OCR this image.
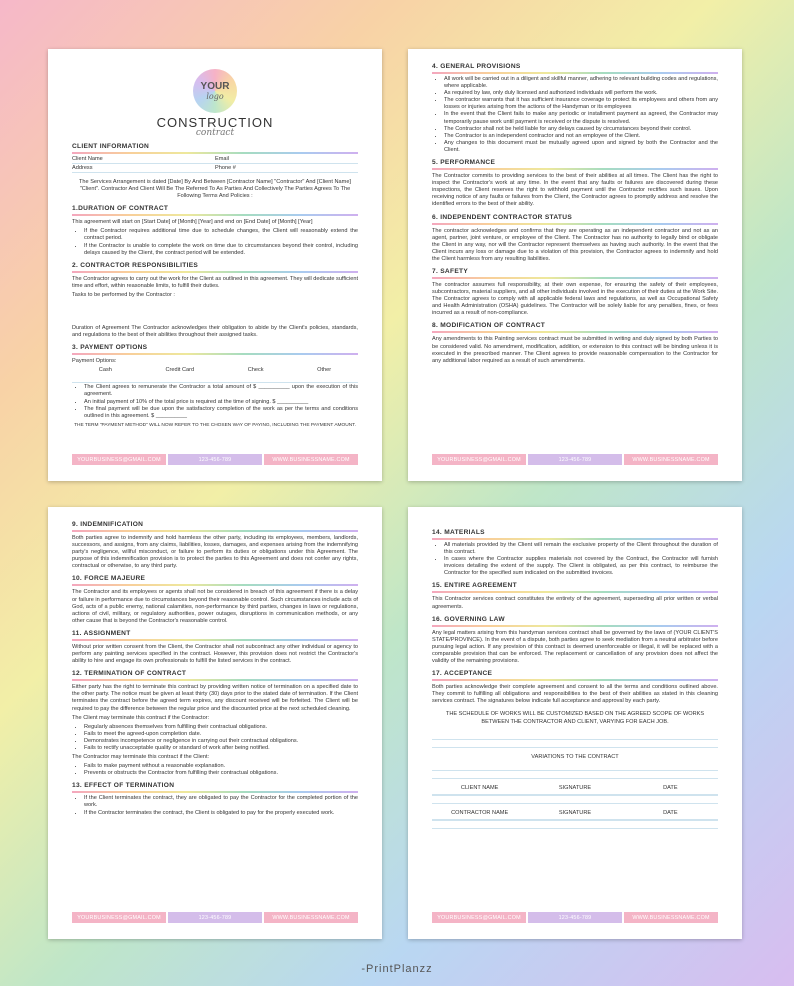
YOUR
logo
CONSTRUCTION
contract
CLIENT INFORMATION
Client Name	Email
Address	Phone #
The Services Arrangement is dated [Date] By And Between [Contractor Name] "Contractor" And [Client Name] "Client". Contractor And Client Will Be The Referred To As Parties And Collectively The Parties Agrees To The Following Terms And Policies :
1.DURATION OF CONTRACT
This agreement will start on [Start Date] of [Month] [Year] and end on [End Date] of [Month] [Year]
• If the Contractor requires additional time due to schedule changes, the Client will reasonably extend the contract period.
• If the Contractor is unable to complete the work on time due to circumstances beyond their control, including delays caused by the Client, the contract period will be extended.
2. CONTRACTOR RESPONSIBILITIES
The Contractor agrees to carry out the work for the Client as outlined in this agreement. They will dedicate sufficient time and effort, within reasonable limits, to fulfill their duties.
Tasks to be performed by the Contractor :
Duration of Agreement The Contractor acknowledges their obligation to abide by the Client's policies, standards, and regulations to the best of their abilities throughout their assigned tasks.
3. PAYMENT OPTIONS
Payment Options:
Cash	Credit Card	Check	Other
• The Client agrees to remunerate the Contractor a total amount of $ __________ upon the execution of this agreement.
• An initial payment of 10% of the total price is required at the time of signing. $ __________
• The final payment will be due upon the satisfactory completion of the work as per the terms and conditions outlined in this agreement. $ __________
THE TERM "PAYMENT METHOD" WILL NOW REFER TO THE CHOSEN WAY OF PAYING, INCLUDING THE PAYMENT AMOUNT.
YOURBUSINESS@GMAIL.COM	123-456-789	WWW.BUSINESSNAME.COM
4. GENERAL PROVISIONS
• All work will be carried out in a diligent and skillful manner, adhering to relevant building codes and regulations, where applicable.
• As required by law, only duly licensed and authorized individuals will perform the work.
• The contractor warrants that it has sufficient insurance coverage to protect its employees and others from any losses or injuries arising from the actions of the Handyman or its employees
• In the event that the Client fails to make any periodic or installment payment as agreed, the Contractor may temporarily pause work until payment is received or the dispute is resolved.
• The Contractor shall not be held liable for any delays caused by circumstances beyond their control.
• The Contractor is an independent contractor and not an employee of the Client.
• Any changes to this document must be mutually agreed upon and signed by both the Contractor and the Client.
5. PERFORMANCE
The Contractor commits to providing services to the best of their abilities at all times. The Client has the right to inspect the Contractor's work at any time. In the event that any faults or failures are discovered during these inspections, the Client reserves the right to withhold payment until the Contractor rectifies such issues. Upon receiving notice of any faults or failures from the Client, the Contractor agrees to promptly address and resolve the identified errors to the best of their ability.
6. INDEPENDENT CONTRACTOR STATUS
The contractor acknowledges and confirms that they are operating as an independent contractor and not as an agent, partner, joint venture, or employee of the Client. The Contractor has no authority to legally bind or obligate the Client in any way, nor will the Contractor represent themselves as having such authority. In the event that the Client incurs any loss or damage due to a violation of this provision, the Contractor agrees to indemnify and hold the Client harmless from any resulting liabilities.
7. SAFETY
The contractor assumes full responsibility, at their own expense, for ensuring the safety of their employees, subcontractors, material suppliers, and all other individuals involved in the execution of their duties at the Work Site. The Contractor agrees to comply with all applicable federal laws and regulations, as well as Occupational Safety and Health Administration (OSHA) guidelines. The Contractor will be solely liable for any penalties, fines, or fees incurred as a result of non-compliance.
8. MODIFICATION OF CONTRACT
Any amendments to this Painting services contract must be submitted in writing and duly signed by both Parties to be considered valid. No amendment, modification, addition, or extension to this contract will be binding unless it is executed in the prescribed manner. The Client agrees to provide reasonable compensation to the Contractor for any additional labor required as a result of such amendments.
YOURBUSINESS@GMAIL.COM	123-456-789	WWW.BUSINESSNAME.COM
9. INDEMNIFICATION
Both parties agree to indemnify and hold harmless the other party, including its employees, members, landlords, successors, and assigns, from any claims, liabilities, losses, damages, and expenses arising from the indemnifying party's negligence, willful misconduct, or failure to perform its duties or obligations under this Agreement. The purpose of this indemnification provision is to protect the parties to this Agreement and does not confer any rights, contractual or otherwise, to any third party.
10. FORCE MAJEURE
The Contractor and its employees or agents shall not be considered in breach of this agreement if there is a delay or failure in performance due to circumstances beyond their reasonable control. Such circumstances include acts of God, acts of a public enemy, national calamities, non-performance by third parties, changes in laws or regulations, actions of civil, military, or regulatory authorities, power outages, disruptions in communication methods, or any other cause that is beyond the Contractor's reasonable control.
11. ASSIGNMENT
Without prior written consent from the Client, the Contractor shall not subcontract any other individual or agency to perform any painting services specified in the contract. However, this provision does not restrict the Contractor's ability to hire and engage its own professionals to fulfill the listed services in the contract.
12. TERMINATION OF CONTRACT
Either party has the right to terminate this contract by providing written notice of termination on a specified date to the other party. The notice must be given at least thirty (30) days prior to the stated date of termination. If the Client terminates the contract before the agreed term expires, any discount received will be forfeited. The Client will be required to pay the difference between the regular price and the discounted price at the next scheduled cleaning.
The Client may terminate this contract if the Contractor:
• Regularly absences themselves from fulfilling their contractual obligations.
• Fails to meet the agreed-upon completion date.
• Demonstrates incompetence or negligence in carrying out their contractual obligations.
• Fails to rectify unacceptable quality or standard of work after being notified.
The Contractor may terminate this contract if the Client:
• Fails to make payment without a reasonable explanation.
• Prevents or obstructs the Contractor from fulfilling their contractual obligations.
13. EFFECT OF TERMINATION
• If the Client terminates the contract, they are obligated to pay the Contractor for the completed portion of the work.
• If the Contractor terminates the contract, the Client is obligated to pay for the properly executed work.
YOURBUSINESS@GMAIL.COM	123-456-789	WWW.BUSINESSNAME.COM
14. MATERIALS
• All materials provided by the Client will remain the exclusive property of the Client throughout the duration of this contract.
• In cases where the Contractor supplies materials not covered by the Contract, the Contractor will furnish invoices detailing the extent of the supply. The Client is obligated, as per this contract, to reimburse the Contractor for the specified sum indicated on the submitted invoices.
15. ENTIRE AGREEMENT
This Contractor services contract constitutes the entirety of the agreement, superseding all prior written or verbal agreements.
16. GOVERNING LAW
Any legal matters arising from this handyman services contract shall be governed by the laws of (YOUR CLIENT'S STATE/PROVINCE). In the event of a dispute, both parties agree to seek mediation from a neutral arbitrator before pursuing legal action. If any provision of this contract is deemed unenforceable or illegal, it will be replaced with a comparable provision that can be enforced. The replacement or cancellation of any provision does not affect the validity of the remaining provisions.
17. ACCEPTANCE
Both parties acknowledge their complete agreement and consent to all the terms and conditions outlined above. They commit to fulfilling all obligations and responsibilities to the best of their abilities as stated in this cleaning services contract. The signatures below indicate full acceptance and approval by each party.
THE SCHEDULE OF WORKS WILL BE CUSTOMIZED BASED ON THE AGREED SCOPE OF WORKS BETWEEN THE CONTRACTOR AND CLIENT, VARYING FOR EACH JOB.
VARIATIONS TO THE CONTRACT
CLIENT NAME	SIGNATURE	DATE
CONTRACTOR NAME	SIGNATURE	DATE
YOURBUSINESS@GMAIL.COM	123-456-789	WWW.BUSINESSNAME.COM
-PrintPlanzz
